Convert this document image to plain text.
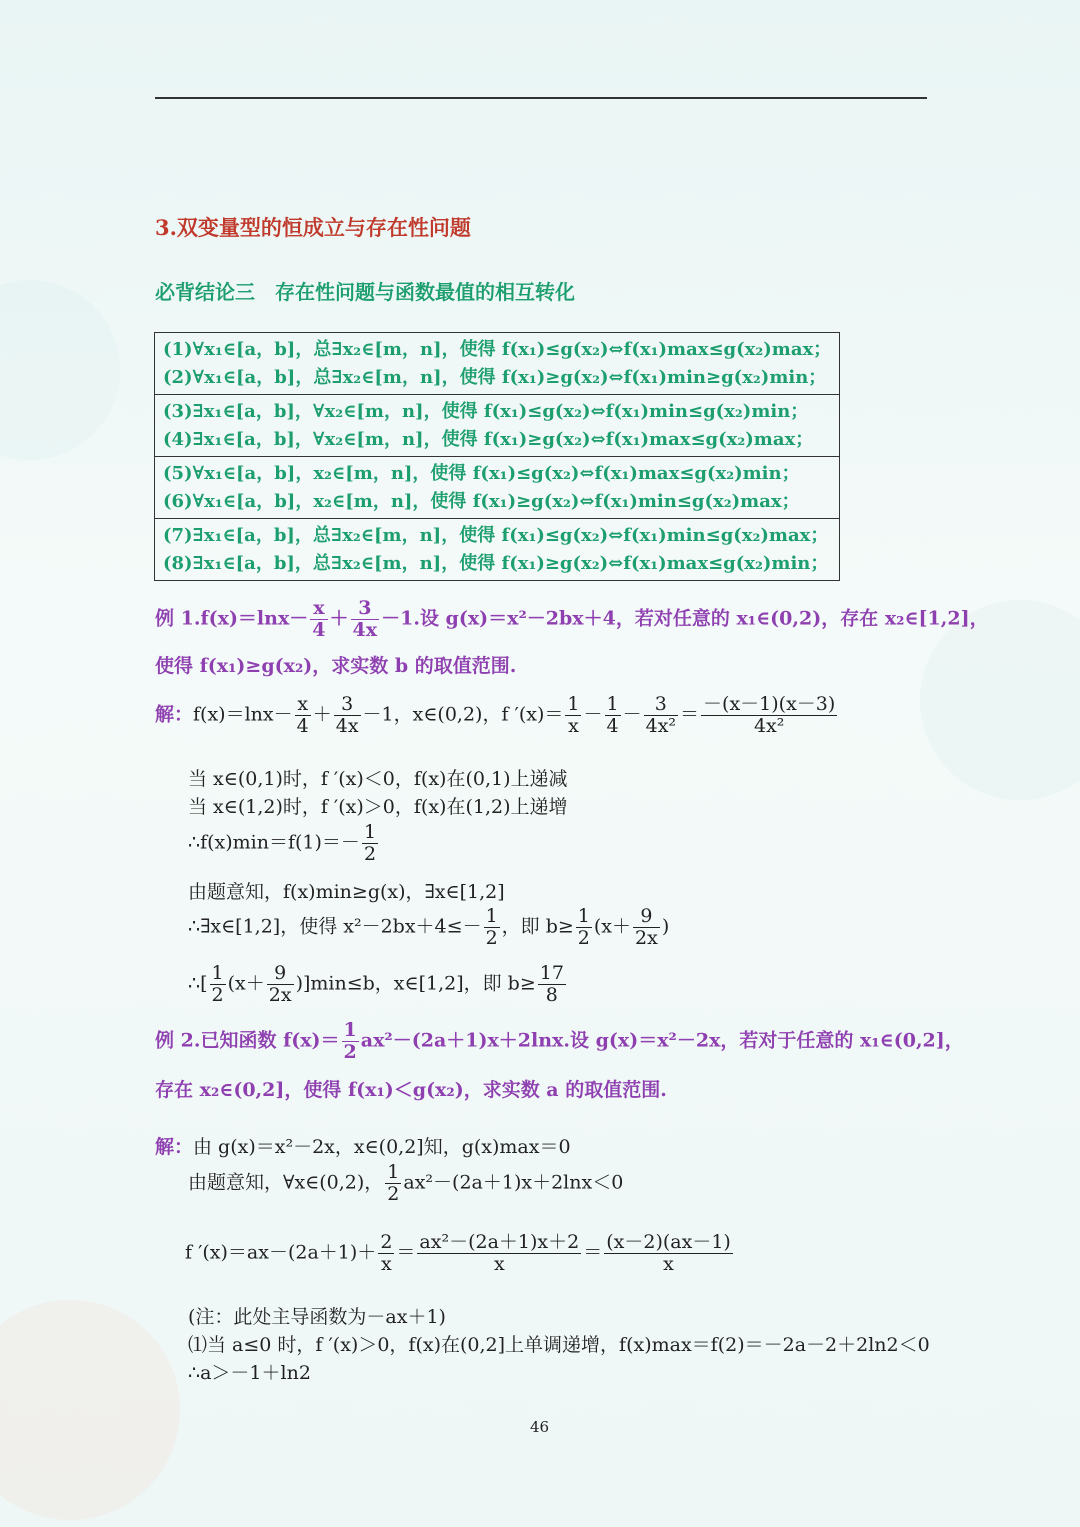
3.双变量型的恒成立与存在性问题
必背结论三　存在性问题与函数最值的相互转化
(1)∀x₁∈[a，b]，总∃x₂∈[m，n]，使得 f(x₁)≤g(x₂)⇔f(x₁)max≤g(x₂)max；
(2)∀x₁∈[a，b]，总∃x₂∈[m，n]，使得 f(x₁)≥g(x₂)⇔f(x₁)min≥g(x₂)min；
(3)∃x₁∈[a，b]，∀x₂∈[m，n]，使得 f(x₁)≤g(x₂)⇔f(x₁)min≤g(x₂)min；
(4)∃x₁∈[a，b]，∀x₂∈[m，n]，使得 f(x₁)≥g(x₂)⇔f(x₁)max≤g(x₂)max；
(5)∀x₁∈[a，b]，x₂∈[m，n]，使得 f(x₁)≤g(x₂)⇔f(x₁)max≤g(x₂)min；
(6)∀x₁∈[a，b]，x₂∈[m，n]，使得 f(x₁)≥g(x₂)⇔f(x₁)min≤g(x₂)max；
(7)∃x₁∈[a，b]，总∃x₂∈[m，n]，使得 f(x₁)≤g(x₂)⇔f(x₁)min≤g(x₂)max；
(8)∃x₁∈[a，b]，总∃x₂∈[m，n]，使得 f(x₁)≥g(x₂)⇔f(x₁)max≤g(x₂)min；
例 $1.f(x)=\ln x- \frac{x}{4} + \frac{3}{4x} -1$.设 g(x)＝x²－2bx＋4，若对任意的 x₁∈(0,2)，存在 x₂∈[1,2]，
使得 f(x₁)≥g(x₂)，求实数 b 的取值范围.
解：$f(x)=\ln x- \frac{x}{4} + \frac{3}{4x} -1$，x∈(0,2)，f $'(x)= \frac{1}{x} - \frac{1}{4} - \frac{3}{\text{4x²}} = \frac{-(x-1)(x-3)}{\text{4x²}}$
当 x∈(0,1)时，f ′(x)＜0，f(x)在(0,1)上递减
当 x∈(1,2)时，f ′(x)＞0，f(x)在(1,2)上递增
∴f(x)min＝f(1)＝－ $\frac{1}{2}$
由题意知，f(x)min≥g(x)，∃x∈[1,2]
∴∃x∈[1,2]，使得 $x^2-2bx+4\le- \frac{1}{2}$ ，即 $b\ge \frac{1}{2} (x+ \frac{9}{2x}$ )
∴[ $\frac{1}{2} (x+ \frac{9}{2x} )]\min\le b$，x∈[1,2]，即 $b\ge \frac{17}{8}$
例 2.已知函数 $f(x)= \frac{1}{2} ax^2-(2a+1)x+2\ln x$.设 g(x)＝x²－2x，若对于任意的 x₁∈(0,2]，
存在 x₂∈(0,2]，使得 f(x₁)＜g(x₂)，求实数 a 的取值范围.
解：由 g(x)＝x²－2x，x∈(0,2]知，g(x)max＝0
由题意知，∀x∈(0,2)， $\frac{1}{2} ax^2-(2a+1)x+2\ln x<0$
f $'(x)=ax-(2a+1)+ \frac{2}{x} = \frac{\text{ax²－(2a＋1)x＋2}}{x} = \frac{(x-2)(ax-1)}{x}$
(注：此处主导函数为－ax＋1)
⑴当 a≤0 时，f ′(x)＞0，f(x)在(0,2]上单调递增，f(x)max＝f(2)＝－2a－2＋2ln2＜0
∴a＞－1＋ln2
46
